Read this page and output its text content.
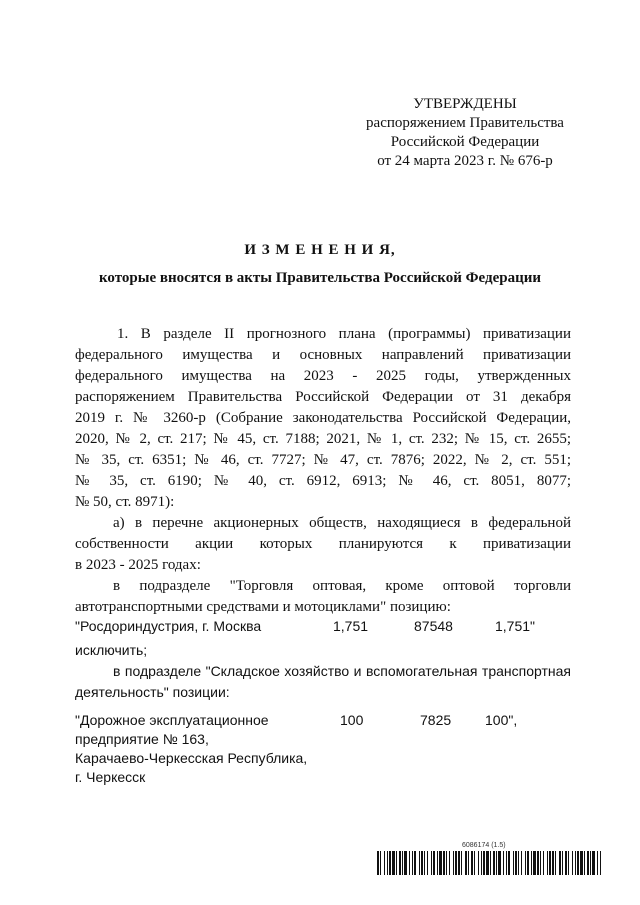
УТВЕРЖДЕНЫ
распоряжением Правительства
Российской Федерации
от 24 марта 2023 г. № 676-р
И З М Е Н Е Н И Я,
которые вносятся в акты Правительства Российской Федерации
1. В разделе II прогнозного плана (программы) приватизации
федерального имущества и основных направлений приватизации
федерального имущества на 2023 - 2025 годы, утвержденных
распоряжением Правительства Российской Федерации от 31 декабря
2019 г. № 3260-р (Собрание законодательства Российской Федерации,
2020, № 2, ст. 217; № 45, ст. 7188; 2021, № 1, ст. 232; № 15, ст. 2655;
№ 35, ст. 6351; № 46, ст. 7727; № 47, ст. 7876; 2022, № 2, ст. 551;
№ 35, ст. 6190; № 40, ст. 6912, 6913; № 46, ст. 8051, 8077;
№ 50, ст. 8971):
а) в перечне акционерных обществ, находящиеся в федеральной
собственности акции которых планируются к приватизации
в 2023 - 2025 годах:
в подразделе "Торговля оптовая, кроме оптовой торговли
автотранспортными средствами и мотоциклами" позицию:
"Росдориндустрия, г. Москва	1,751	87548	1,751"
исключить;
в подразделе "Складское хозяйство и вспомогательная транспортная
деятельность" позиции:
"Дорожное эксплуатационное
предприятие № 163,
Карачаево-Черкесская Республика,
г. Черкесск
100	7825 100",
6086174 (1.5)
